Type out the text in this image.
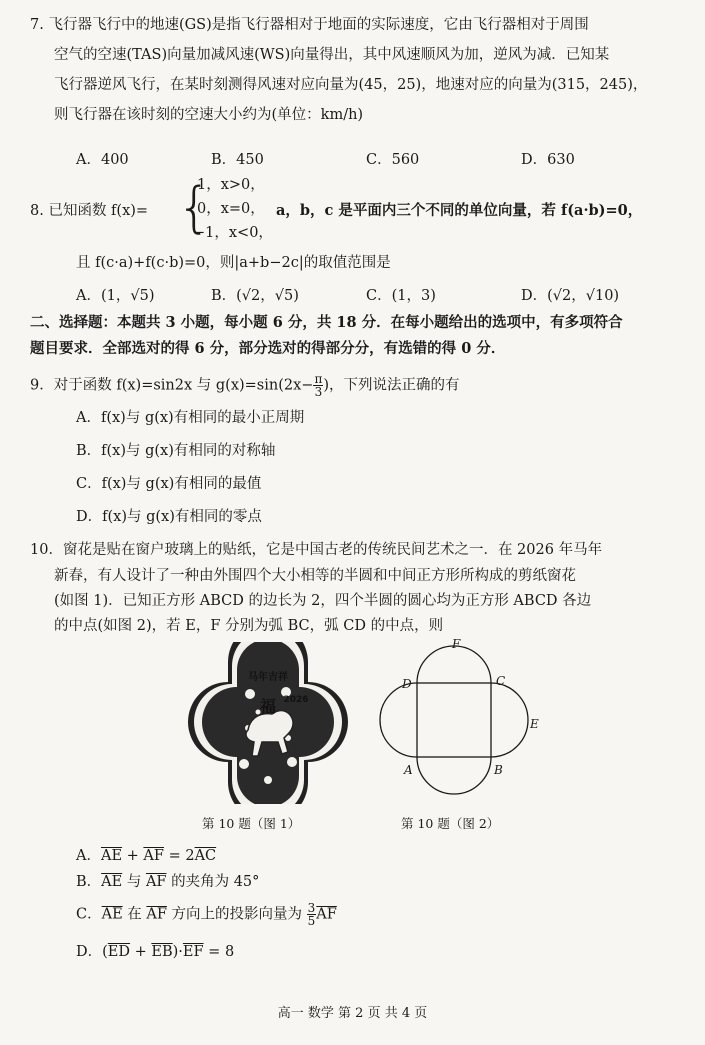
7. 飞行器飞行中的地速(GS)是指飞行器相对于地面的实际速度，它由飞行器相对于周围
空气的空速(TAS)向量加减风速(WS)向量得出，其中风速顺风为加，逆风为减．已知某
飞行器逆风飞行，在某时刻测得风速对应向量为(45，25)，地速对应的向量为(315，245)，
则飞行器在该时刻的空速大小约为(单位：km/h)
A．400	B．450	C．560	D．630
8. 已知函数 f(x)= {
1，x>0，
0，x=0，
−1，x<0，
a，b，c 是平面内三个不同的单位向量，若 f(a·b)=0，
且 f(c·a)+f(c·b)=0，则|a+b−2c|的取值范围是
A．(1，√5)	B．(√2，√5)	C．(1，3)	D．(√2，√10)
二、选择题：本题共 3 小题，每小题 6 分，共 18 分．在每小题给出的选项中，有多项符合
题目要求．全部选对的得 6 分，部分选对的得部分分，有选错的得 0 分．
9．对于函数 f(x)=sin2x 与 $g(x)=\sin(2x- \frac{\pi}{3}$ )，下列说法正确的有
A．f(x)与 g(x)有相同的最小正周期
B．f(x)与 g(x)有相同的对称轴
C．f(x)与 g(x)有相同的最值
D．f(x)与 g(x)有相同的零点
10．窗花是贴在窗户玻璃上的贴纸，它是中国古老的传统民间艺术之一．在 2026 年马年
新春，有人设计了一种由外围四个大小相等的半圆和中间正方形所构成的剪纸窗花
(如图 1)．已知正方形 ABCD 的边长为 2，四个半圆的圆心均为正方形 ABCD 各边
的中点(如图 2)，若 E，F 分别为弧 BC，弧 CD 的中点，则
马年吉祥
福 2026
D	C
A	B
E
F
第 10 题（图 1）	第 10 题（图 2）
A．$\overline{AE} + \overline{AF} = 2\overline{AC}$
B．$\overline{AE}$ 与 $\overline{AF}$ 的夹角为 45°
C．$\overline{AE}$ 在 $\overline{AF}$ 方向上的投影向量为 $\frac{3}{5} \overline{AF}$
D．$(\overline{ED} + \overline{EB})\cdot\overline{EF} = 8$
高一 数学 第 2 页 共 4 页
